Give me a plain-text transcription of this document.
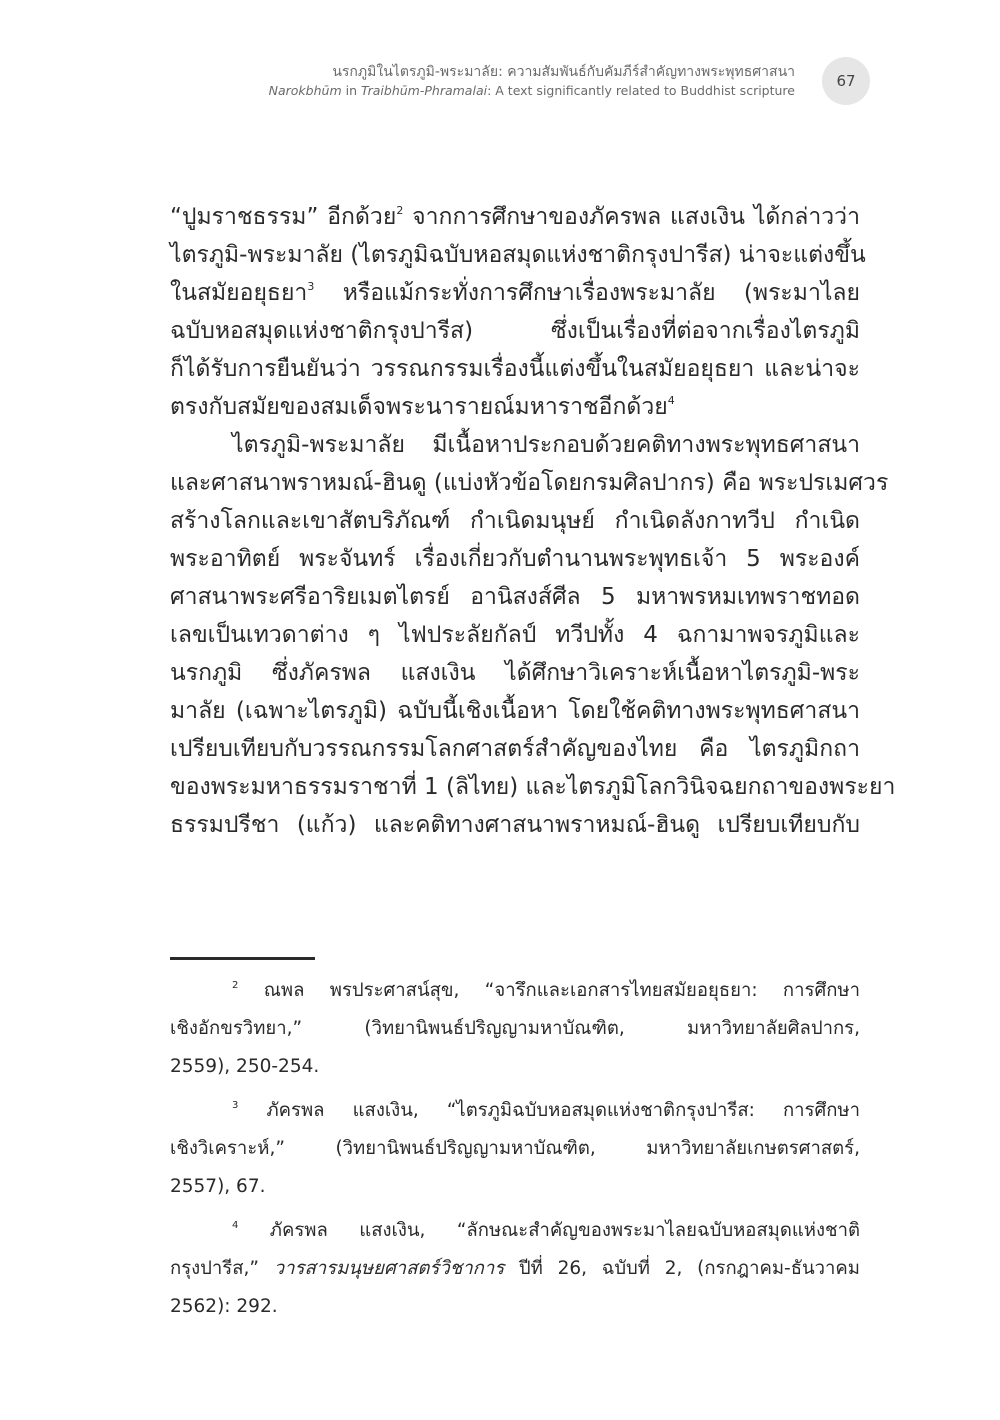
นรกภูมิในไตรภูมิ-พระมาลัย: ความสัมพันธ์กับคัมภีร์สำคัญทางพระพุทธศาสนา
Narokbhūm in Traibhūm-Phramalai: A text significantly related to Buddhist scripture
67
“ปูมราชธรรม” อีกด้วย$^2$ จากการศึกษาของภัครพล แสงเงิน ได้กล่าวว่า
ไตรภูมิ-พระมาลัย (ไตรภูมิฉบับหอสมุดแห่งชาติกรุงปารีส) น่าจะแต่งขึ้น
ในสมัยอยุธยา$^3$ หรือแม้กระทั่งการศึกษาเรื่องพระมาลัย (พระมาไลย
ฉบับหอสมุดแห่งชาติกรุงปารีส) ซึ่งเป็นเรื่องที่ต่อจากเรื่องไตรภูมิ
ก็ได้รับการยืนยันว่า วรรณกรรมเรื่องนี้แต่งขึ้นในสมัยอยุธยา และน่าจะ
ตรงกับสมัยของสมเด็จพระนารายณ์มหาราชอีกด้วย$^4$
ไตรภูมิ-พระมาลัย มีเนื้อหาประกอบด้วยคติทางพระพุทธศาสนา
และศาสนาพราหมณ์-ฮินดู (แบ่งหัวข้อโดยกรมศิลปากร) คือ พระปรเมศวร
สร้างโลกและเขาสัตบริภัณฑ์ กำเนิดมนุษย์ กำเนิดลังกาทวีป กำเนิด
พระอาทิตย์ พระจันทร์ เรื่องเกี่ยวกับตำนานพระพุทธเจ้า 5 พระองค์
ศาสนาพระศรีอาริยเมตไตรย์ อานิสงส์ศีล 5 มหาพรหมเทพราชทอด
เลขเป็นเทวดาต่าง ๆ ไฟประลัยกัลป์ ทวีปทั้ง 4 ฉกามาพจรภูมิและ
นรกภูมิ ซึ่งภัครพล แสงเงิน ได้ศึกษาวิเคราะห์เนื้อหาไตรภูมิ-พระ
มาลัย (เฉพาะไตรภูมิ) ฉบับนี้เชิงเนื้อหา โดยใช้คติทางพระพุทธศาสนา
เปรียบเทียบกับวรรณกรรมโลกศาสตร์สำคัญของไทย คือ ไตรภูมิกถา
ของพระมหาธรรมราชาที่ 1 (ลิไทย) และไตรภูมิโลกวินิจฉยกถาของพระยา
ธรรมปรีชา (แก้ว) และคติทางศาสนาพราหมณ์-ฮินดู เปรียบเทียบกับ
$^2$ ณพล พรประศาสน์สุข, “จารึกและเอกสารไทยสมัยอยุธยา: การศึกษา
เชิงอักขรวิทยา,” (วิทยานิพนธ์ปริญญามหาบัณฑิต, มหาวิทยาลัยศิลปากร,
2559), 250-254.
$^3$ ภัครพล แสงเงิน, “ไตรภูมิฉบับหอสมุดแห่งชาติกรุงปารีส: การศึกษา
เชิงวิเคราะห์,” (วิทยานิพนธ์ปริญญามหาบัณฑิต, มหาวิทยาลัยเกษตรศาสตร์,
2557), 67.
$^4$ ภัครพล แสงเงิน, “ลักษณะสำคัญของพระมาไลยฉบับหอสมุดแห่งชาติ
กรุงปารีส,” วารสารมนุษยศาสตร์วิชาการ ปีที่ 26, ฉบับที่ 2, (กรกฎาคม-ธันวาคม
2562): 292.
